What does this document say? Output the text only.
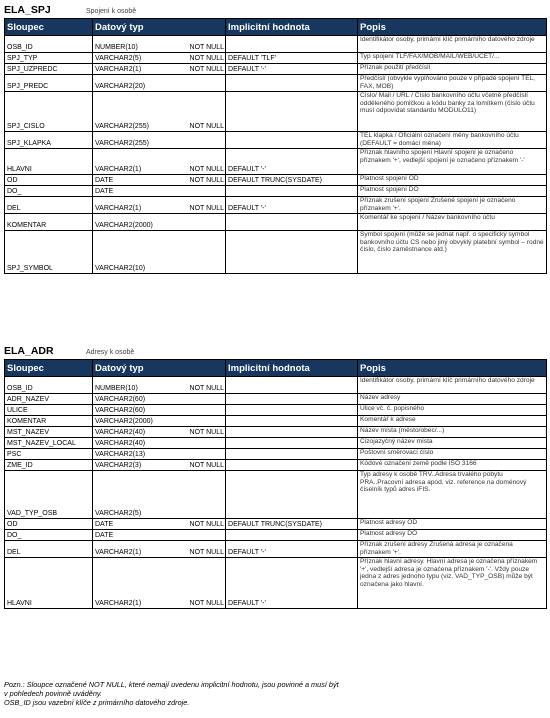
ELA_SPJ	Spojení k osobě
Sloupec	Datový typ		Implicitní hodnota	Popis
OSB_ID	NUMBER(10)	NOT NULL		Identifikátor osoby, primární klíč primárního datového zdroje
SPJ_TYP	VARCHAR2(5)	NOT NULL	DEFAULT 'TLF'	Typ spojení TLF/FAX/MOB/MAIL/WEB/UCET/...
SPJ_UZPREDC	VARCHAR2(1)	NOT NULL	DEFAULT '-'	Příznak použití předčíslí
SPJ_PREDC	VARCHAR2(20)			Předčíslí (obvykle vyplňováno pouze v případě spojení TEL, FAX, MOB)
SPJ_CISLO	VARCHAR2(255)	NOT NULL		Číslo/ Mail / URL / Číslo bankovního účtu včetně předčíslí odděleného pomlčkou a kódu banky za lomítkem (číslo účtu musí odpovídat standardu MODULO11)
SPJ_KLAPKA	VARCHAR2(255)			TEL klapka / Oficiální označení měny bankovního účtu (DEFAULT = domácí měna)
HLAVNI	VARCHAR2(1)	NOT NULL	DEFAULT '-'	Příznak hlavního spojení Hlavní spojení je označeno příznakem '+', vedlejší spojení je označeno příznakem '-'
OD	DATE	NOT NULL	DEFAULT TRUNC(SYSDATE)	Platnost spojení OD
DO_	DATE			Platnost spojení DO
DEL	VARCHAR2(1)	NOT NULL	DEFAULT '-'	Příznak zrušení spojení Zrušené spojení je označeno příznakem '+'.
KOMENTAR	VARCHAR2(2000)			Komentář ke spojení / Název bankovního účtu
SPJ_SYMBOL	VARCHAR2(10)			Symbol spojení (může se jednat např. o specifický symbol bankovního účtu CS nebo jiný obvyklý platební symbol – rodné číslo, číslo zaměstnance atd.)
ELA_ADR	Adresy k osobě
Sloupec	Datový typ		Implicitní hodnota	Popis
OSB_ID	NUMBER(10)	NOT NULL		Identifikátor osoby, primární klíč primárního datového zdroje
ADR_NAZEV	VARCHAR2(60)			Název adresy
ULICE	VARCHAR2(60)			Ulice vč. č. popisného
KOMENTAR	VARCHAR2(2000)			Komentář k adrese
MST_NAZEV	VARCHAR2(40)	NOT NULL		Název místa (město/obec/...)
MST_NAZEV_LOCAL	VARCHAR2(40)			Cizojazyčný název místa
PSC	VARCHAR2(13)			Poštovní směrovací číslo
ZME_ID	VARCHAR2(3)	NOT NULL		Kódové označení země podle ISO 3166
VAD_TYP_OSB	VARCHAR2(5)			Typ adresy k osobě TRV..Adresa trvalého pobytu PRA..Pracovní adresa apod. viz. reference na doménový číselník typů adres iFIS.
OD	DATE	NOT NULL	DEFAULT TRUNC(SYSDATE)	Platnost adresy OD
DO_	DATE			Platnost adresy DO
DEL	VARCHAR2(1)	NOT NULL	DEFAULT '-'	Příznak zrušení adresy Zrušená adresa je označena příznakem '+'.
HLAVNI	VARCHAR2(1)	NOT NULL	DEFAULT '-'	Příznak hlavní adresy. Hlavní adresa je označena příznakem '+', vedlejší adresa je označena příznakem '-'. Vždy pouze jedna z adres jednoho typu (viz. VAD_TYP_OSB) může být označena jako hlavní.
Pozn.: Sloupce označené NOT NULL, které nemají uvedenu implicitní hodnotu, jsou povinné a musí být
v pohledech povinně uváděny.
OSB_ID jsou vazební klíče z primárního datového zdroje.
